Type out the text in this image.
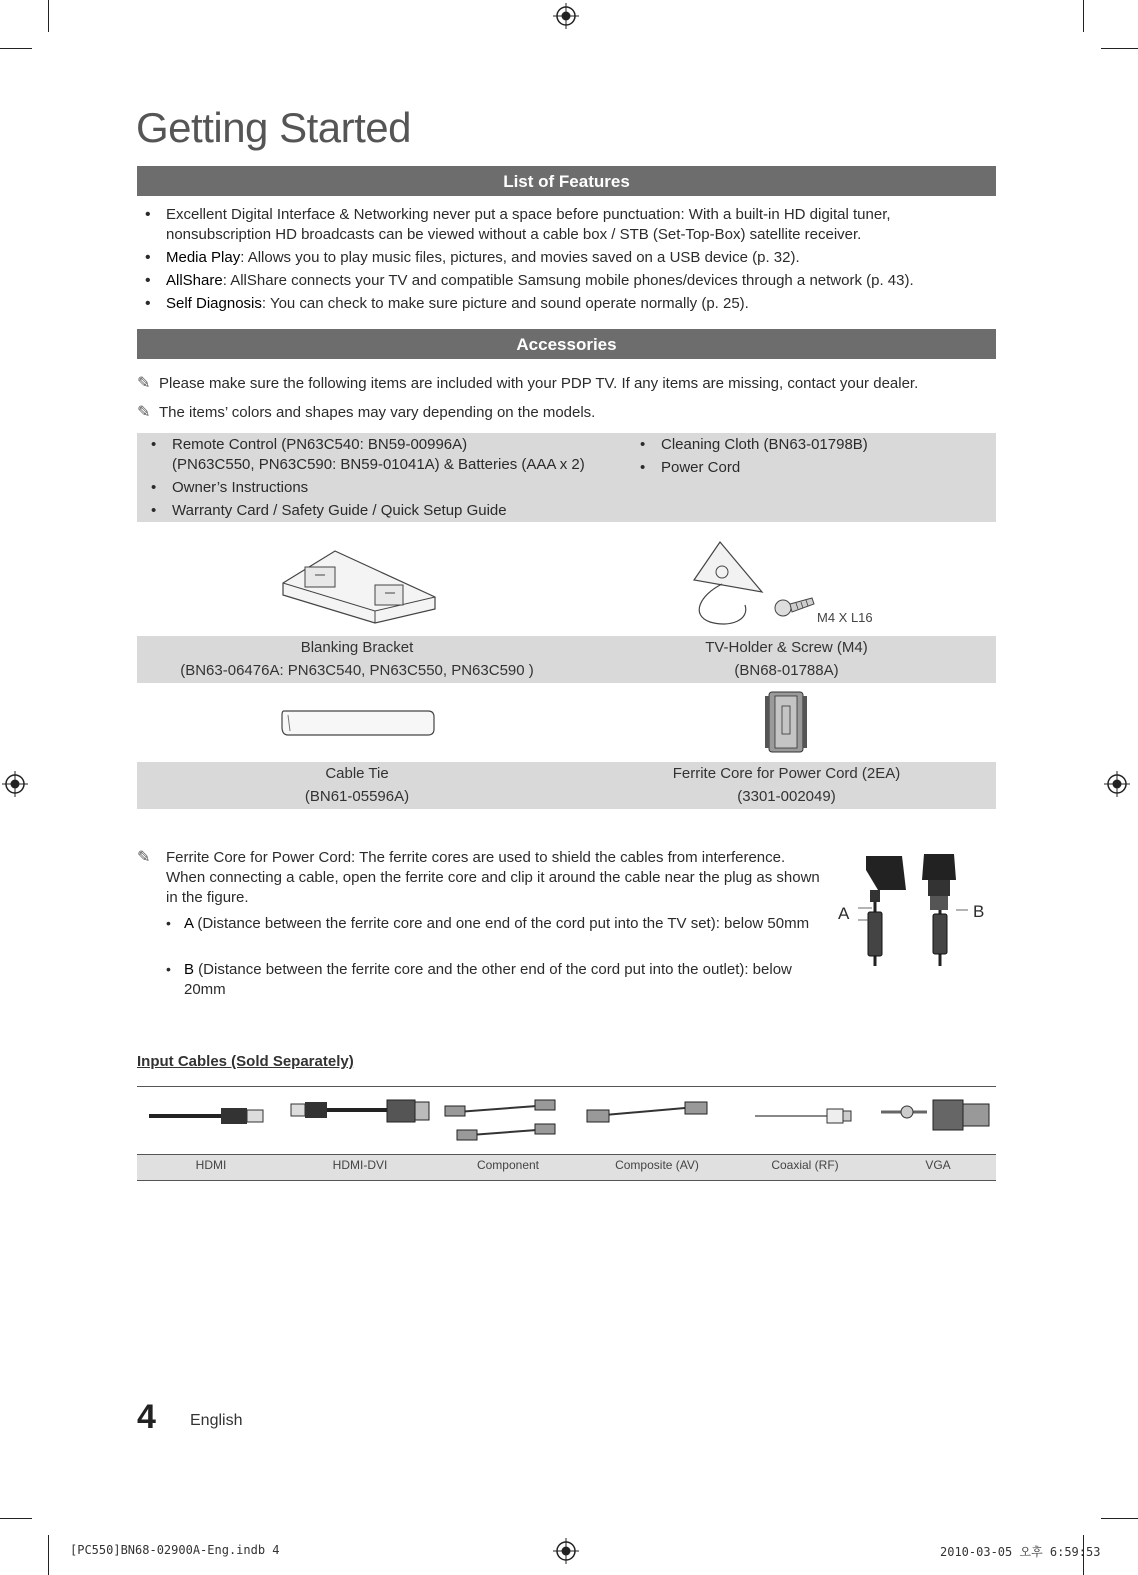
Getting Started
List of Features
• Excellent Digital Interface & Networking never put a space before punctuation: With a built-in HD digital tuner, nonsubscription HD broadcasts can be viewed without a cable box / STB (Set-Top-Box) satellite receiver.
• Media Play: Allows you to play music files, pictures, and movies saved on a USB device (p. 32).
• AllShare: AllShare connects your TV and compatible Samsung mobile phones/devices through a network (p. 43).
• Self Diagnosis: You can check to make sure picture and sound operate normally (p. 25).
Accessories
✎ Please make sure the following items are included with your PDP TV. If any items are missing, contact your dealer.
✎ The items’ colors and shapes may vary depending on the models.
• Remote Control (PN63C540: BN59-00996A)
(PN63C550, PN63C590: BN59-01041A) & Batteries (AAA x 2)
• Owner’s Instructions
• Warranty Card / Safety Guide / Quick Setup Guide
• Cleaning Cloth (BN63-01798B)
• Power Cord
M4 X L16
Blanking Bracket
(BN63-06476A: PN63C540, PN63C550, PN63C590 )
TV-Holder & Screw (M4)
(BN68-01788A)
Cable Tie
(BN61-05596A)
Ferrite Core for Power Cord (2EA)
(3301-002049)
✎ Ferrite Core for Power Cord: The ferrite cores are used to shield the cables from interference. When connecting a cable, open the ferrite core and clip it around the cable near the plug as shown in the figure.
• A (Distance between the ferrite core and one end of the cord put into the TV set): below 50mm
• B (Distance between the ferrite core and the other end of the cord put into the outlet): below 20mm
A	B
Input Cables (Sold Separately)
HDMI	HDMI-DVI	Component	Composite (AV)	Coaxial (RF)	VGA
4 English
[PC550]BN68-02900A-Eng.indb 4	2010-03-05 오후 6:59:53
